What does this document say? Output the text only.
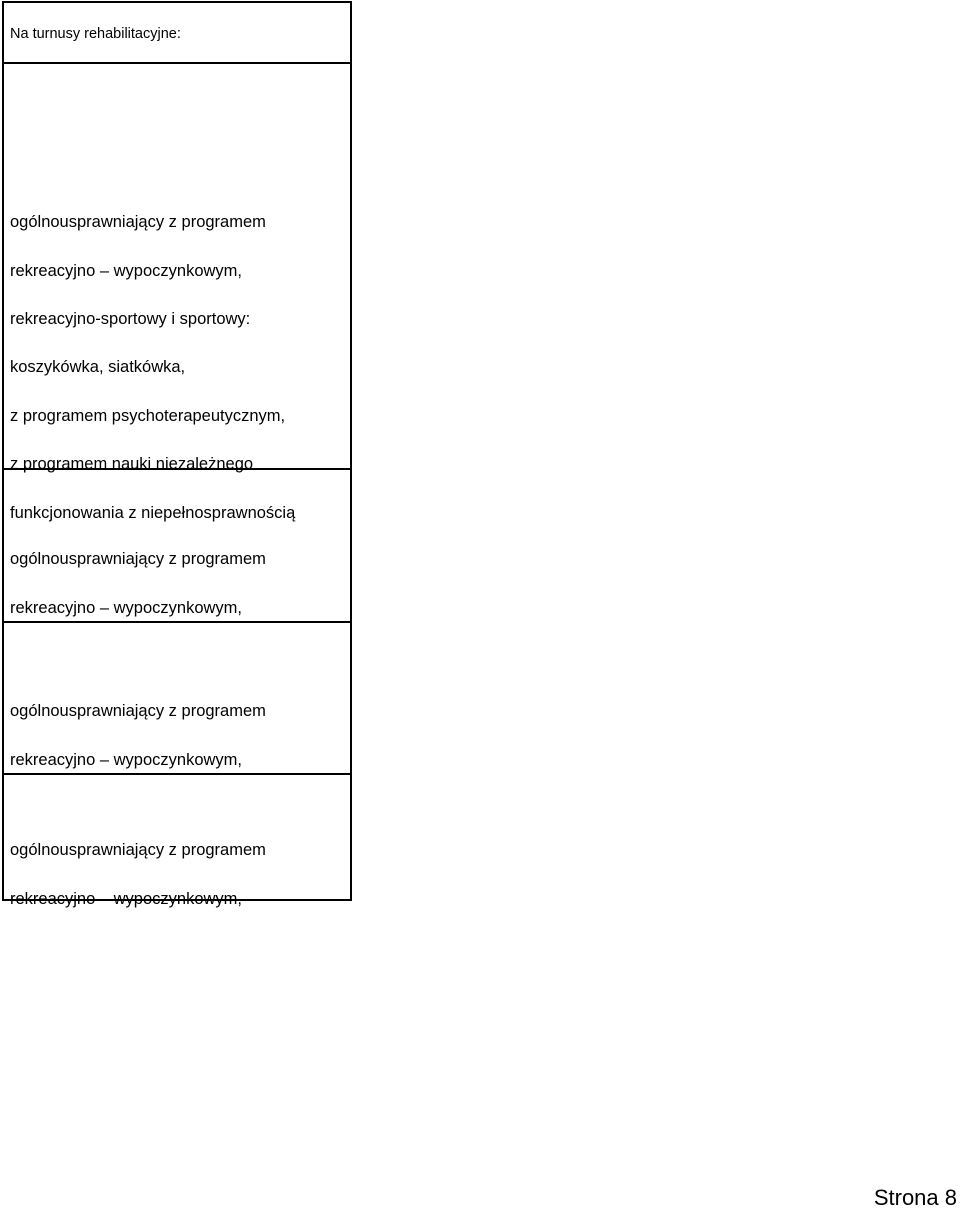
Na turnusy rehabilitacyjne:

ogólnousprawniający z programem

rekreacyjno – wypoczynkowym,

rekreacyjno-sportowy i sportowy:

koszykówka, siatkówka,

z programem psychoterapeutycznym,

z programem nauki niezależnego

funkcjonowania z niepełnosprawnością

ogólnousprawniający z programem

rekreacyjno – wypoczynkowym,

ogólnousprawniający z programem

rekreacyjno – wypoczynkowym,

ogólnousprawniający z programem

rekreacyjno – wypoczynkowym,

Strona 8
